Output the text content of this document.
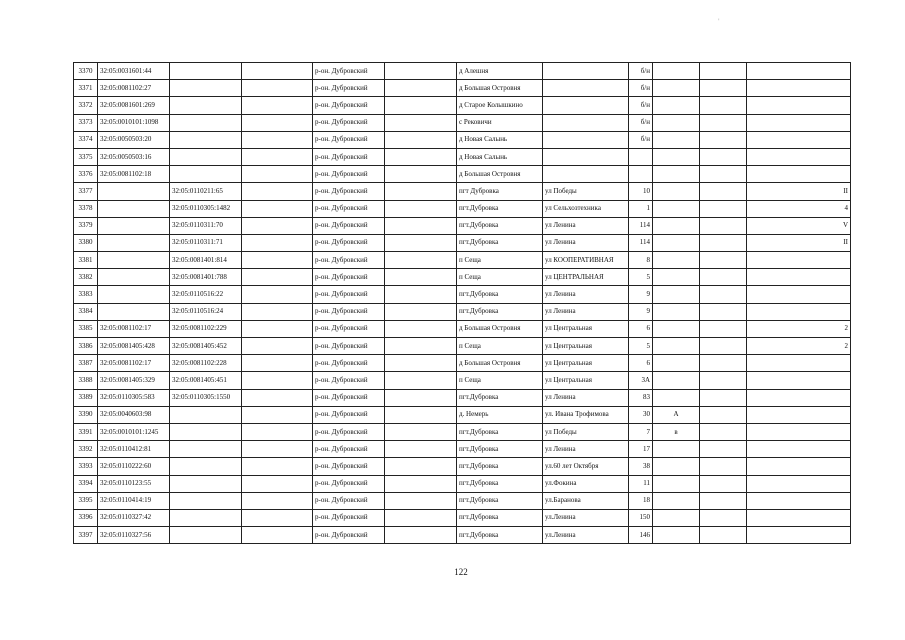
'
3370	32:05:0031601:44			р-он. Дубровский		д Алешня		б/н			
3371	32:05:0081102:27			р-он. Дубровский		д Большая Островня		б/н			
3372	32:05:0081601:269			р-он. Дубровский		д Старое Колышкино		б/н			
3373	32:05:0010101:1098			р-он. Дубровский		с Рековичи		б/н			
3374	32:05:0050503:20			р-он. Дубровский		д Новая Салынь		б/н			
3375	32:05:0050503:16			р-он. Дубровский		д Новая Салынь					
3376	32:05:0081102:18			р-он. Дубровский		д Большая Островня					
3377		32:05:0110211:65		р-он. Дубровский		пгт Дубровка	ул Победы	10			II
3378		32:05:0110305:1482		р-он. Дубровский		пгт.Дубровка	ул Сельхозтехника	1			4
3379		32:05:0110311:70		р-он. Дубровский		пгт.Дубровка	ул Ленина	114			V
3380		32:05:0110311:71		р-он. Дубровский		пгт.Дубровка	ул Ленина	114			II
3381		32:05:0081401:814		р-он. Дубровский		п Сеща	ул КООПЕРАТИВНАЯ	8			
3382		32:05:0081401:788		р-он. Дубровский		п Сеща	ул ЦЕНТРАЛЬНАЯ	5			
3383		32:05:0110516:22		р-он. Дубровский		пгт.Дубровка	ул Ленина	9			
3384		32:05:0110516:24		р-он. Дубровский		пгт.Дубровка	ул Ленина	9			
3385	32:05:0081102:17	32:05:0081102:229		р-он. Дубровский		д Большая Островня	ул Центральная	6			2
3386	32:05:0081405:428	32:05:0081405:452		р-он. Дубровский		п Сеща	ул Центральная	5			2
3387	32:05:0081102:17	32:05:0081102:228		р-он. Дубровский		д Большая Островня	ул Центральная	6			
3388	32:05:0081405:329	32:05:0081405:451		р-он. Дубровский		п Сеща	ул Центральная	3А			
3389	32:05:0110305:583	32:05:0110305:1550		р-он. Дубровский		пгт.Дубровка	ул Ленина	83			
3390	32:05:0040603:98			р-он. Дубровский		д. Немерь	ул. Ивана Трофимова	30	А		
3391	32:05:0010101:1245			р-он. Дубровский		пгт.Дубровка	ул Победы	7	в		
3392	32:05:0110412:81			р-он. Дубровский		пгт.Дубровка	ул Ленина	17			
3393	32:05:0110222:60			р-он. Дубровский		пгт.Дубровка	ул.60 лет Октября	38			
3394	32:05:0110123:55			р-он. Дубровский		пгт.Дубровка	ул.Фокина	11			
3395	32:05:0110414:19			р-он. Дубровский		пгт.Дубровка	ул.Баранова	18			
3396	32:05:0110327:42			р-он. Дубровский		пгт.Дубровка	ул.Ленина	150			
3397	32:05:0110327:56			р-он. Дубровский		пгт.Дубровка	ул.Ленина	146			
122
